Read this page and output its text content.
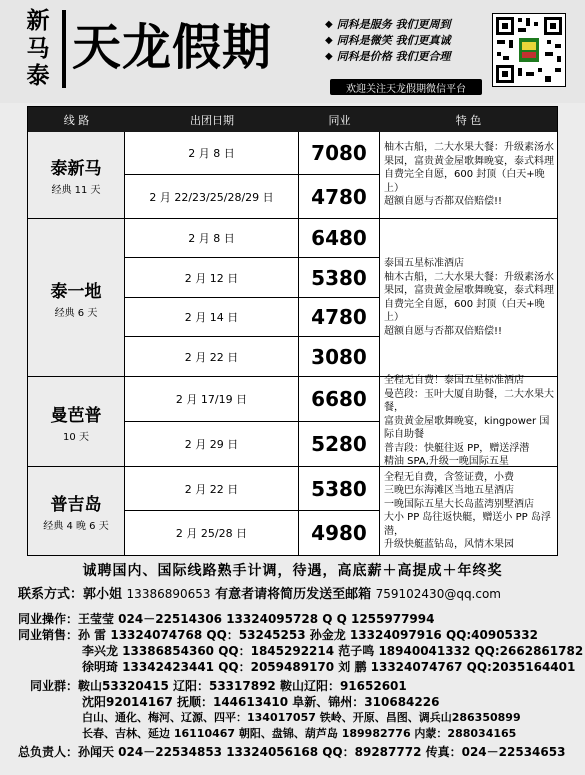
新
马
泰 天龙假期	◆ 同科是服务 我们更周到
◆ 同科是微笑 我们更真诚
◆ 同科是价格 我们更合理
欢迎关注天龙假期微信平台
线 路	出团日期	同业	特 色
泰新马
经典 11 天
2 月 8 日	7080
2 月 22/23/25/28/29 日	4780
柚木古船，二大水果大餐：升级素汤水果园，富贵黄金屋歌舞晚宴，泰式料理
自费完全自愿，600 封顶（白天+晚上）
超额自愿与否都双倍赔偿!!
泰一地
经典 6 天
2 月 8 日	6480
2 月 12 日	5380
2 月 14 日	4780
2 月 22 日	3080
泰国五星标准酒店
柚木古船，二大水果大餐：升级素汤水果园，富贵黄金屋歌舞晚宴，泰式料理
自费完全自愿，600 封顶（白天+晚上）
超额自愿与否都双倍赔偿!!
曼芭普
10 天
2 月 17/19 日	6680
2 月 29 日	5280
全程无自费！泰国五星标准酒店
曼芭段：玉叶大厦自助餐，二大水果大餐，
富贵黄金屋歌舞晚宴，kingpower 国际自助餐
普吉段：快艇往返 PP，赠送浮潜
精油 SPA,升级一晚国际五星
普吉岛
经典 4 晚 6 天
2 月 22 日	5380
2 月 25/28 日	4980
全程无自费，含签证费，小费
三晚巴东海滩区当地五星酒店
一晚国际五星大长岛蓝湾别墅酒店
大小 PP 岛往返快艇，赠送小 PP 岛浮潜，
升级快艇蓝钻岛，风情木果园
诚聘国内、国际线路熟手计调，待遇，高底薪＋高提成＋年终奖
联系方式：郭小姐 13386890653 有意者请将简历发送至邮箱 759102430@qq.com
同业操作：王莹莹 024－22514306 13324095728 Q Q 1255977994
同业销售：孙 雷 13324074768 QQ：53245253 孙金龙 13324097916 QQ:40905332
李兴龙 13386854360 QQ：1845292214 范子鸣 18940041332 QQ:2662861782
徐明琦 13342423441 QQ：2059489170 刘 鹏 13324074767 QQ:2035164401
同业群：鞍山53320415 辽阳：53317892 鞍山辽阳：91652601
沈阳92014167 抚顺：144613410 阜新、锦州：310684226
白山、通化、梅河、辽源、四平：134017057 铁岭、开原、昌图、调兵山286350899
长春、吉林、延边 16110467 朝阳、盘锦、葫芦岛 189982776 内蒙：288034165
总负责人：孙闻天 024－22534853 13324056168 QQ：89287772 传真：024－22534653
